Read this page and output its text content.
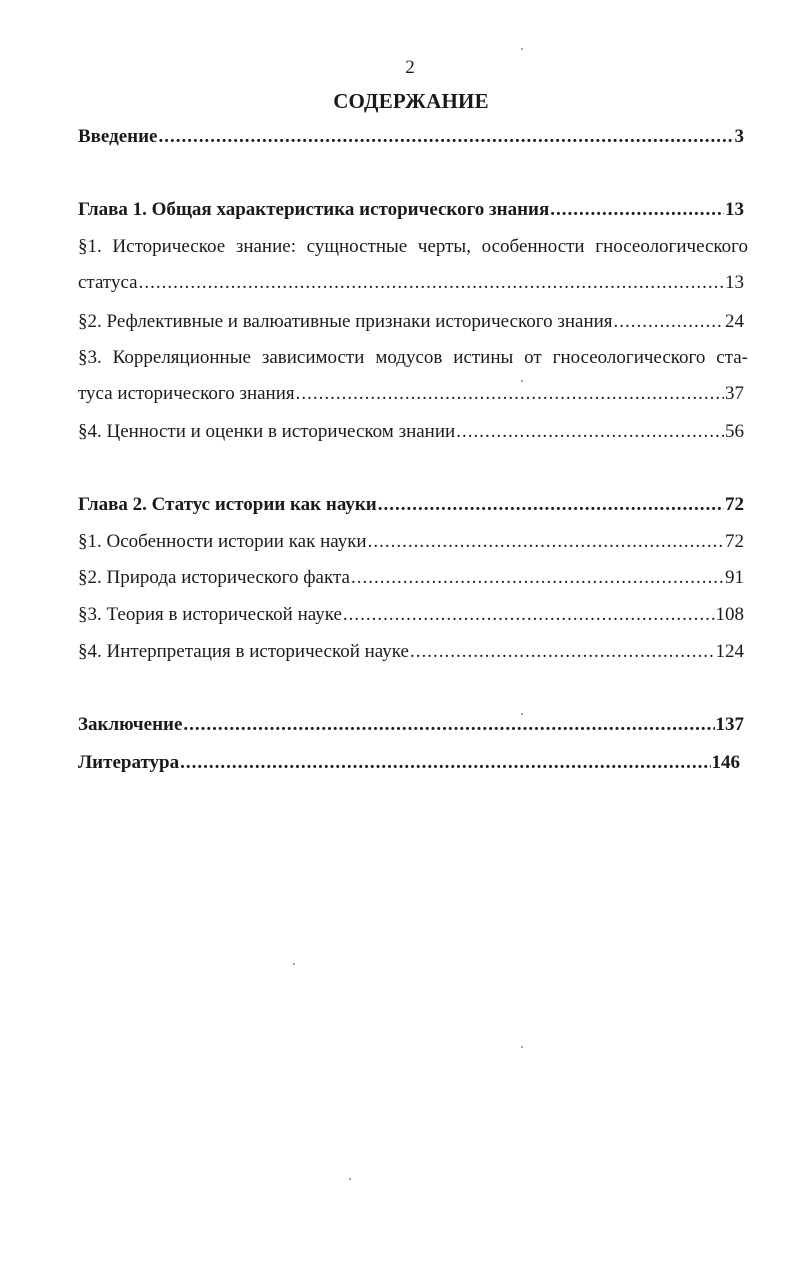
2
СОДЕРЖАНИЕ
Введение .....	3
Глава 1. Общая характеристика исторического знания .....	13
§1. Историческое знание: сущностные черты, особенности гносеологического
статуса .....	13
§2. Рефлективные и валюативные признаки исторического знания .....	24
§3. Корреляционные зависимости модусов истины от гносеологического ста-
туса исторического знания .....	37
§4. Ценности и оценки в историческом знании .....	56
Глава 2. Статус истории как науки .....	72
§1. Особенности истории как науки .....	72
§2. Природа исторического факта .....	91
§3. Теория в исторической науке .....	108
§4. Интерпретация в исторической науке .....	124
Заключение .....	137
Литература .....	146
